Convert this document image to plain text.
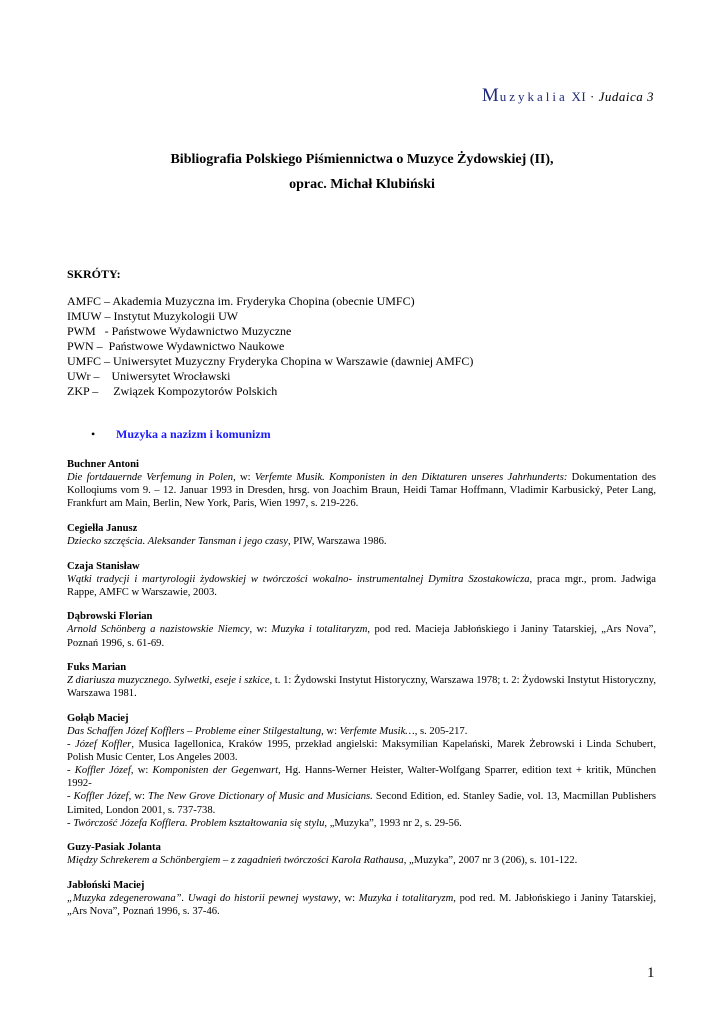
Muzykalia XI · Judaica 3
Bibliografia Polskiego Piśmiennictwa o Muzyce Żydowskiej (II),
oprac. Michał Klubiński
SKRÓTY:
AMFC – Akademia Muzyczna im. Fryderyka Chopina (obecnie UMFC)
IMUW – Instytut Muzykologii UW
PWM   - Państwowe Wydawnictwo Muzyczne
PWN –  Państwowe Wydawnictwo Naukowe
UMFC – Uniwersytet Muzyczny Fryderyka Chopina w Warszawie (dawniej AMFC)
UWr –    Uniwersytet Wrocławski
ZKP –     Związek Kompozytorów Polskich
• Muzyka a nazizm i komunizm
Buchner Antoni
Die fortdauernde Verfemung in Polen, w: Verfemte Musik. Komponisten in den Diktaturen unseres Jahrhunderts: Dokumentation des Kolloqiums vom 9. – 12. Januar 1993 in Dresden, hrsg. von Joachim Braun, Heidi Tamar Hoffmann, Vladimir Karbusický, Peter Lang, Frankfurt am Main, Berlin, New York, Paris, Wien 1997, s. 219-226.
Cegiełła Janusz
Dziecko szczęścia. Aleksander Tansman i jego czasy, PIW, Warszawa 1986.
Czaja Stanisław
Wątki tradycji i martyrologii żydowskiej w twórczości wokalno- instrumentalnej Dymitra Szostakowicza, praca mgr., prom. Jadwiga Rappe, AMFC w Warszawie, 2003.
Dąbrowski Florian
Arnold Schönberg a nazistowskie Niemcy, w: Muzyka i totalitaryzm, pod red. Macieja Jabłońskiego i Janiny Tatarskiej, „Ars Nova”, Poznań 1996, s. 61-69.
Fuks Marian
Z diariusza muzycznego. Sylwetki, eseje i szkice, t. 1: Żydowski Instytut Historyczny, Warszawa 1978; t. 2: Żydowski Instytut Historyczny, Warszawa 1981.
Gołąb Maciej
Das Schaffen Józef Kofflers – Probleme einer Stilgestaltung, w: Verfemte Musik…, s. 205-217.
- Józef Koffler, Musica Iagellonica, Kraków 1995, przekład angielski: Maksymilian Kapelański, Marek Żebrowski i Linda Schubert, Polish Music Center, Los Angeles 2003.
- Koffler Józef, w: Komponisten der Gegenwart, Hg. Hanns-Werner Heister, Walter-Wolfgang Sparrer, edition text + kritik, München 1992-
- Koffler Józef, w: The New Grove Dictionary of Music and Musicians. Second Edition, ed. Stanley Sadie, vol. 13, Macmillan Publishers Limited, London 2001, s. 737-738.
- Twórczość Józefa Kofflera. Problem kształtowania się stylu, „Muzyka”, 1993 nr 2, s. 29-56.
Guzy-Pasiak Jolanta
Między Schrekerem a Schönbergiem – z zagadnień twórczości Karola Rathausa, „Muzyka”, 2007 nr 3 (206), s. 101-122.
Jabłoński Maciej
„Muzyka zdegenerowana”. Uwagi do historii pewnej wystawy, w: Muzyka i totalitaryzm, pod red. M. Jabłońskiego i Janiny Tatarskiej, „Ars Nova”, Poznań 1996, s. 37-46.
1
